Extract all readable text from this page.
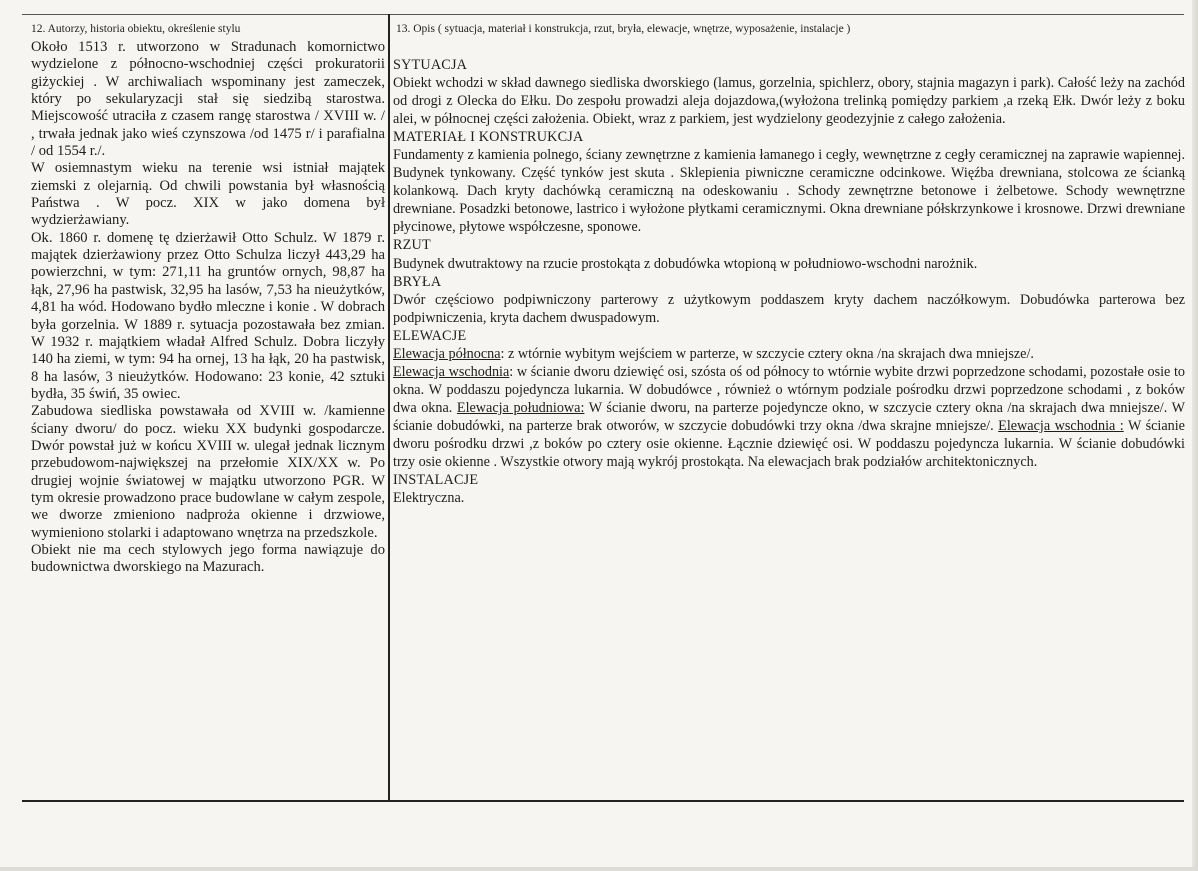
12. Autorzy, historia obiektu, określenie stylu

Około 1513 r. utworzono w Stradunach komornictwo wydzielone z północno-wschodniej części prokuratorii giżyckiej . W archiwaliach wspominany jest zameczek, który po sekularyzacji stał się siedzibą starostwa. Miejscowość utraciła z czasem rangę starostwa / XVIII w. / , trwała jednak jako wieś czynszowa /od 1475 r/ i parafialna / od 1554 r./.

W osiemnastym wieku na terenie wsi istniał majątek ziemski z olejarnią. Od chwili powstania był własnością Państwa . W pocz. XIX w jako domena był wydzierżawiany.

Ok. 1860 r. domenę tę dzierżawił Otto Schulz. W 1879 r. majątek dzierżawiony przez Otto Schulza liczył 443,29 ha powierzchni, w tym: 271,11 ha gruntów ornych, 98,87 ha łąk, 27,96 ha pastwisk, 32,95 ha lasów, 7,53 ha nieużytków, 4,81 ha wód. Hodowano bydło mleczne i konie . W dobrach była gorzelnia. W 1889 r. sytuacja pozostawała bez zmian. W 1932 r. majątkiem władał Alfred Schulz. Dobra liczyły 140 ha ziemi, w tym: 94 ha ornej, 13 ha łąk, 20 ha pastwisk, 8 ha lasów, 3 nieużytków. Hodowano: 23 konie, 42 sztuki bydła, 35 świń, 35 owiec.

Zabudowa siedliska powstawała od XVIII w. /kamienne ściany dworu/ do pocz. wieku XX budynki gospodarcze. Dwór powstał już w końcu XVIII w. ulegał jednak licznym przebudowom-największej na przełomie XIX/XX w. Po drugiej wojnie światowej w majątku utworzono PGR. W tym okresie prowadzono prace budowlane w całym zespole, we dworze zmieniono nadproża okienne i drzwiowe, wymieniono stolarki i adaptowano wnętrza na przedszkole.

Obiekt nie ma cech stylowych jego forma nawiązuje do budownictwa dworskiego na Mazurach.

13. Opis ( sytuacja, materiał i konstrukcja, rzut, bryła, elewacje, wnętrze, wyposażenie, instalacje )

SYTUACJA

Obiekt wchodzi w skład dawnego siedliska dworskiego (lamus, gorzelnia, spichlerz, obory, stajnia magazyn i park). Całość leży na zachód od drogi z Olecka do Ełku. Do zespołu prowadzi aleja dojazdowa,(wyłożona trelinką pomiędzy parkiem ,a rzeką Ełk. Dwór leży z boku alei, w północnej części założenia. Obiekt, wraz z parkiem, jest wydzielony geodezyjnie z całego założenia.

MATERIAŁ I KONSTRUKCJA

Fundamenty z kamienia polnego, ściany zewnętrzne z kamienia łamanego i cegły, wewnętrzne z cegły ceramicznej na zaprawie wapiennej. Budynek tynkowany. Część tynków jest skuta . Sklepienia piwniczne ceramiczne odcinkowe. Więźba drewniana, stolcowa ze ścianką kolankową. Dach kryty dachówką ceramiczną na odeskowaniu . Schody zewnętrzne betonowe i żelbetowe. Schody wewnętrzne drewniane. Posadzki betonowe, lastrico i wyłożone płytkami ceramicznymi. Okna drewniane półskrzynkowe i krosnowe. Drzwi drewniane płycinowe, płytowe współczesne, sponowe.

RZUT

Budynek dwutraktowy na rzucie prostokąta z dobudówka wtopioną w południowo-wschodni narożnik.

BRYŁA

Dwór częściowo podpiwniczony parterowy z użytkowym poddaszem kryty dachem naczółkowym. Dobudówka parterowa bez podpiwniczenia, kryta dachem dwuspadowym.

ELEWACJE

Elewacja północna: z wtórnie wybitym wejściem w parterze, w szczycie cztery okna /na skrajach dwa mniejsze/.

Elewacja wschodnia: w ścianie dworu dziewięć osi, szósta oś od północy to wtórnie wybite drzwi poprzedzone schodami, pozostałe osie to okna. W poddaszu pojedyncza lukarnia. W dobudówce , również o wtórnym podziale pośrodku drzwi poprzedzone schodami , z boków dwa okna. Elewacja południowa: W ścianie dworu, na parterze pojedyncze okno, w szczycie cztery okna /na skrajach dwa mniejsze/. W ścianie dobudówki, na parterze brak otworów, w szczycie dobudówki trzy okna /dwa skrajne mniejsze/. Elewacja wschodnia : W ścianie dworu pośrodku drzwi ,z boków po cztery osie okienne. Łącznie dziewięć osi. W poddaszu pojedyncza lukarnia. W ścianie dobudówki trzy osie okienne . Wszystkie otwory mają wykrój prostokąta. Na elewacjach brak podziałów architektonicznych.

INSTALACJE

Elektryczna.
